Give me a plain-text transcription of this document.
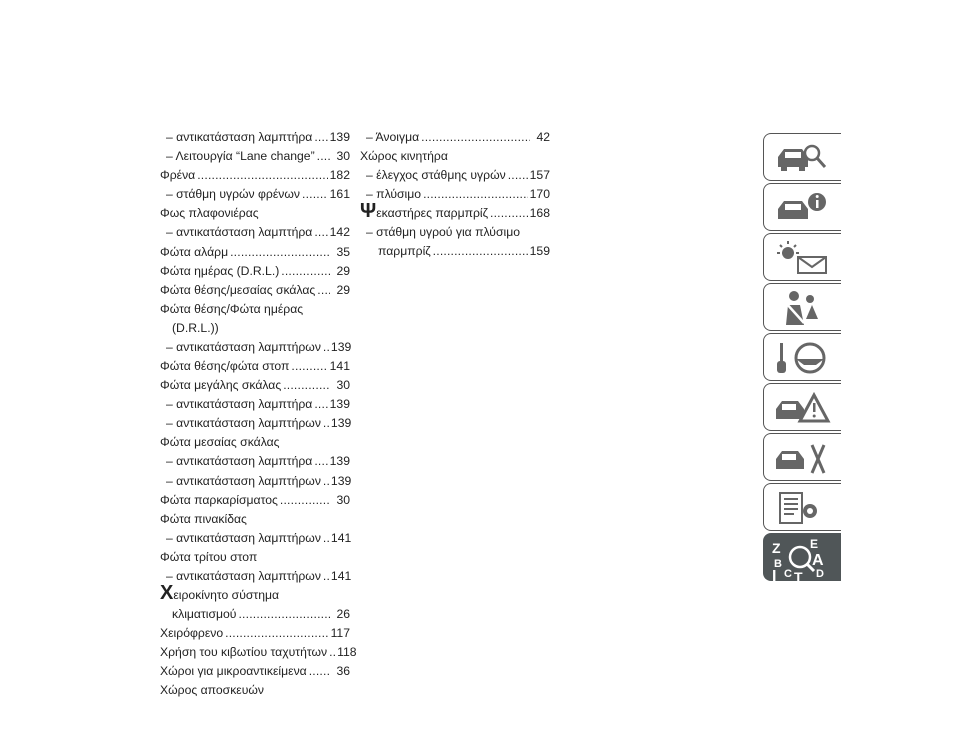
– αντικατάσταση λαμπτήρα . . . 139
– Λειτουργία “Lane change” . . .	30
Φρένα . . .	182
– στάθμη υγρών φρένων . . . 161
Φως πλαφονιέρας
– αντικατάσταση λαμπτήρα . . . 142
Φώτα αλάρμ . . .	35
Φώτα ημέρας (D.R.L.) . . .	29
Φώτα θέσης/μεσαίας σκάλας . . .	29
Φώτα θέσης/Φώτα ημέρας
(D.R.L.))
– αντικατάσταση λαμπτήρων . . . 139
Φώτα θέσης/φώτα στοπ . . .	141
Φώτα μεγάλης σκάλας . . .	30
– αντικατάσταση λαμπτήρα . . . 139
– αντικατάσταση λαμπτήρων . . . 139
Φώτα μεσαίας σκάλας
– αντικατάσταση λαμπτήρα . . . 139
– αντικατάσταση λαμπτήρων . . . 139
Φώτα παρκαρίσματος . . .	30
Φώτα πινακίδας
– αντικατάσταση λαμπτήρων . . . 141
Φώτα τρίτου στοπ
– αντικατάσταση λαμπτήρων . . . 141
Χειροκίνητο σύστημα
κλιματισμού . . .	26
Χειρόφρενο . . .	117
Χρήση του κιβωτίου ταχυτήτων . . . 118
Χώροι για μικροαντικείμενα . . .	36
Χώρος αποσκευών
– Άνοιγμα . . .	42
Χώρος κινητήρα
– έλεγχος στάθμης υγρών . . . 157
– πλύσιμο . . .	170
Ψεκαστήρες παρμπρίζ . . .	168
– στάθμη υγρού για πλύσιμο
παρμπρίζ . . .	159
Z E
B A
I C T D
